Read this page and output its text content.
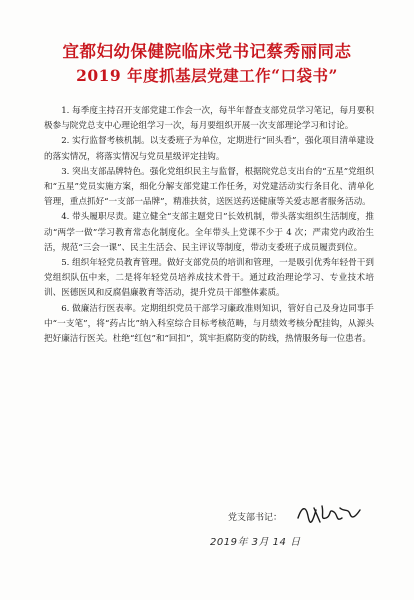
宜都妇幼保健院临床党书记蔡秀丽同志
2019 年度抓基层党建工作“口袋书”

1. 每季度主持召开支部党建工作会一次，每半年督查支部党员学习笔记，每月要积极参与院党总支中心理论组学习一次，每月要组织开展一次支部理论学习和讨论。

2. 实行监督考核机制。以支委班子为单位，定期进行“回头看”，强化项目清单建设的落实情况，将落实情况与党员星级评定挂钩。

3. 突出支部品牌特色。强化党组织民主与监督，根据院党总支出台的“五星”党组织和“五星”党员实施方案，细化分解支部党建工作任务，对党建活动实行条目化、清单化管理，重点抓好“一支部一品牌”，精准扶贫，送医送药送健康等关爱志愿者服务活动。

4. 带头履职尽责。建立健全“支部主题党日”长效机制，带头落实组织生活制度，推动“两学一做”学习教育常态化制度化。全年带头上党课不少于 4 次；严肃党内政治生活，规范“三会一课”、民主生活会、民主评议等制度，带动支委班子成员履责到位。

5. 组织年轻党员教育管理。做好支部党员的培训和管理，一是吸引优秀年轻骨干到党组织队伍中来，二是将年轻党员培养成技术骨干。通过政治理论学习、专业技术培训、医德医风和反腐倡廉教育等活动，提升党员干部整体素质。

6. 做廉洁行医表率。定期组织党员干部学习廉政准则知识，管好自己及身边同事手中“一支笔”，将“药占比”纳入科室综合目标考核范畴，与月绩效考核分配挂钩，从源头把好廉洁行医关。杜绝“红包”和“回扣”，筑牢拒腐防变的防线，热情服务每一位患者。

党支部书记：
2019年 3月 14 日
